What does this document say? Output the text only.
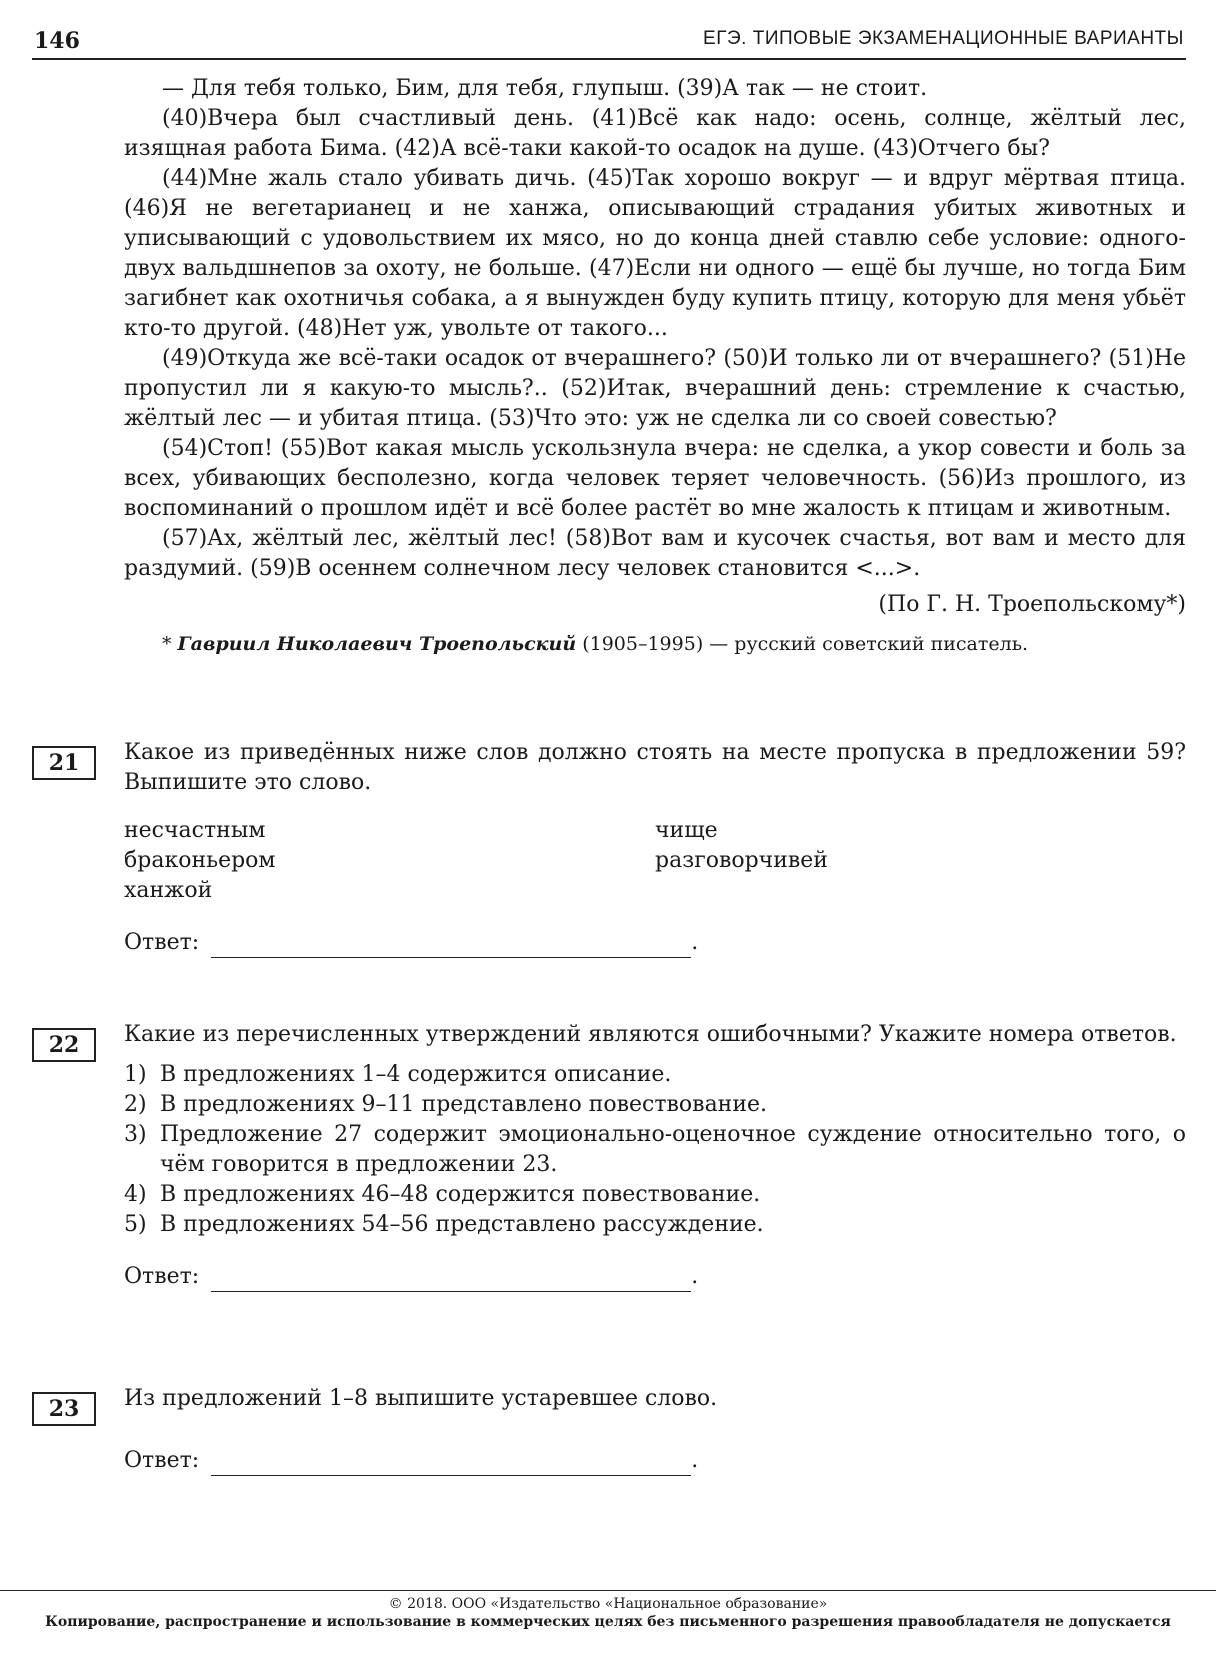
146	ЕГЭ. ТИПОВЫЕ ЭКЗАМЕНАЦИОННЫЕ ВАРИАНТЫ

— Для тебя только, Бим, для тебя, глупыш. (39)А так — не стоит.

(40)Вчера был счастливый день. (41)Всё как надо: осень, солнце, жёлтый лес, изящная работа Бима. (42)А всё-таки какой-то осадок на душе. (43)Отчего бы?

(44)Мне жаль стало убивать дичь. (45)Так хорошо вокруг — и вдруг мёртвая птица. (46)Я не вегетарианец и не ханжа, описывающий страдания убитых животных и уписывающий с удовольствием их мясо, но до конца дней ставлю себе условие: одного-двух вальдшнепов за охоту, не больше. (47)Если ни одного — ещё бы лучше, но тогда Бим загибнет как охотничья собака, а я вынужден буду купить птицу, которую для меня убьёт кто-то другой. (48)Нет уж, увольте от такого...

(49)Откуда же всё-таки осадок от вчерашнего? (50)И только ли от вчерашнего? (51)Не пропустил ли я какую-то мысль?.. (52)Итак, вчерашний день: стремление к счастью, жёлтый лес — и убитая птица. (53)Что это: уж не сделка ли со своей совестью?

(54)Стоп! (55)Вот какая мысль ускользнула вчера: не сделка, а укор совести и боль за всех, убивающих бесполезно, когда человек теряет человечность. (56)Из прошлого, из воспоминаний о прошлом идёт и всё более растёт во мне жалость к птицам и животным.

(57)Ах, жёлтый лес, жёлтый лес! (58)Вот вам и кусочек счастья, вот вам и место для раздумий. (59)В осеннем солнечном лесу человек становится <...>.

(По Г. Н. Троепольскому*)

* Гавриил Николаевич Троепольский (1905–1995) — русский советский писатель.

21	Какое из приведённых ниже слов должно стоять на месте пропуска в предложении 59? Выпишите это слово.

несчастным
браконьером
ханжой
чище
разговорчивей
Ответ:	.
22	Какие из перечисленных утверждений являются ошибочными? Укажите номера ответов.

1) В предложениях 1–4 содержится описание.
2) В предложениях 9–11 представлено повествование.
3) Предложение 27 содержит эмоционально-оценочное суждение относительно того, о чём говорится в предложении 23.
4) В предложениях 46–48 содержится повествование.
5) В предложениях 54–56 представлено рассуждение.
Ответ:	.
23	Из предложений 1–8 выпишите устаревшее слово.

Ответ:	.
© 2018. ООО «Издательство «Национальное образование»
Копирование, распространение и использование в коммерческих целях без письменного разрешения правообладателя не допускается
